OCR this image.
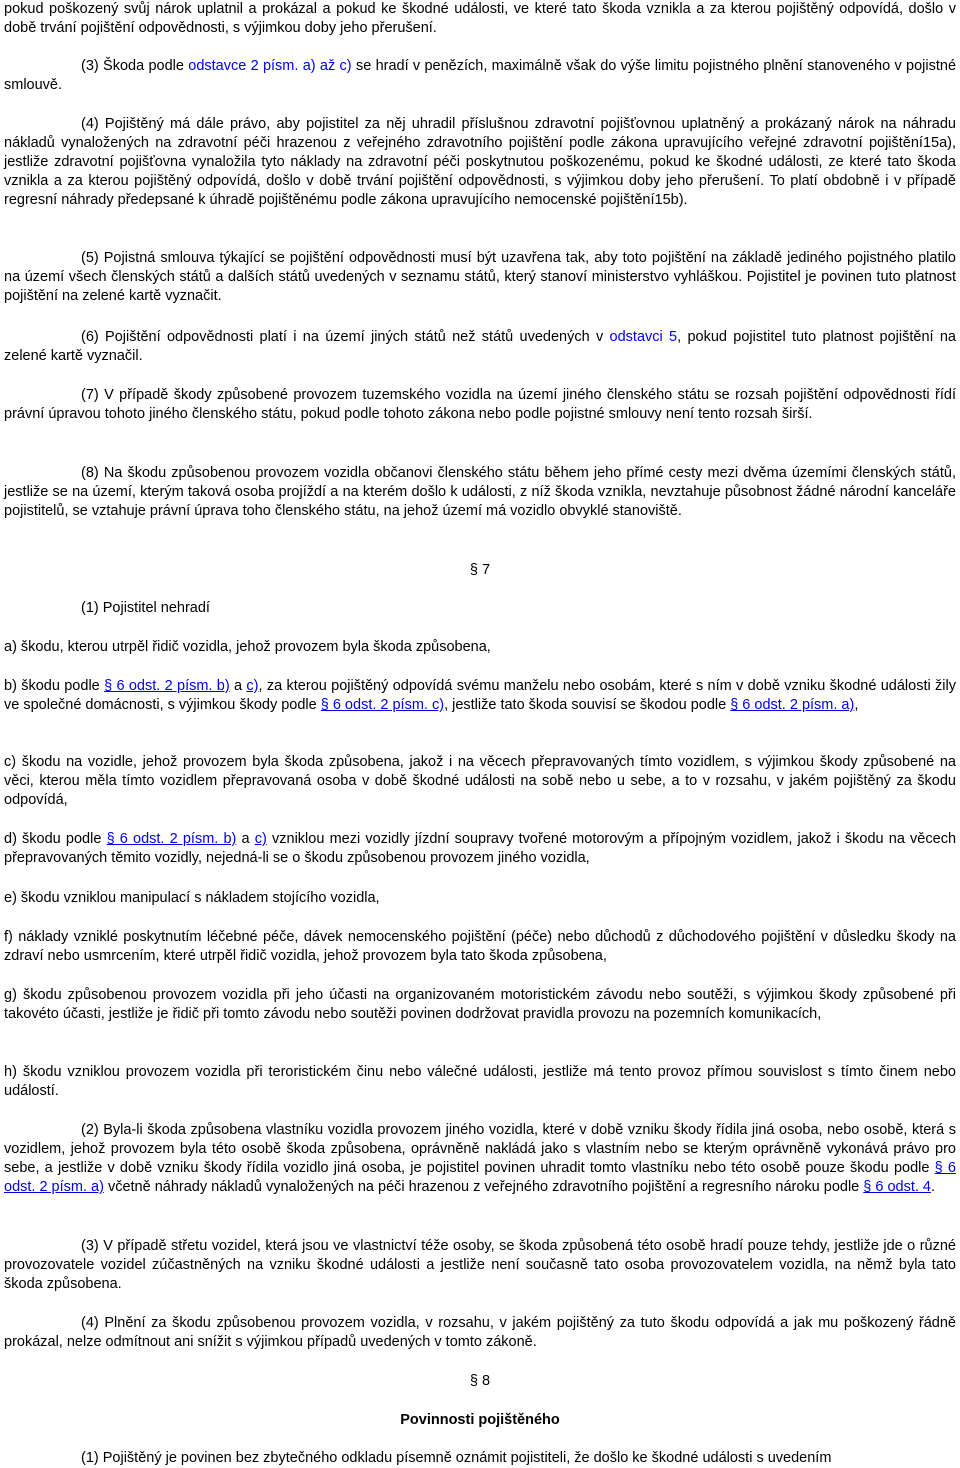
pokud poškozený svůj nárok uplatnil a prokázal a pokud ke škodné události, ve které tato škoda vznikla a za kterou pojištěný odpovídá, došlo v době trvání pojištění odpovědnosti, s výjimkou doby jeho přerušení.

(3) Škoda podle odstavce 2 písm. a) až c) se hradí v penězích, maximálně však do výše limitu pojistného plnění stanoveného v pojistné smlouvě.

(4) Pojištěný má dále právo, aby pojistitel za něj uhradil příslušnou zdravotní pojišťovnou uplatněný a prokázaný nárok na náhradu nákladů vynaložených na zdravotní péči hrazenou z veřejného zdravotního pojištění podle zákona upravujícího veřejné zdravotní pojištění15a), jestliže zdravotní pojišťovna vynaložila tyto náklady na zdravotní péči poskytnutou poškozenému, pokud ke škodné události, ze které tato škoda vznikla a za kterou pojištěný odpovídá, došlo v době trvání pojištění odpovědnosti, s výjimkou doby jeho přerušení. To platí obdobně i v případě regresní náhrady předepsané k úhradě pojištěnému podle zákona upravujícího nemocenské pojištění15b).

(5) Pojistná smlouva týkající se pojištění odpovědnosti musí být uzavřena tak, aby toto pojištění na základě jediného pojistného platilo na území všech členských států a dalších států uvedených v seznamu států, který stanoví ministerstvo vyhláškou. Pojistitel je povinen tuto platnost pojištění na zelené kartě vyznačit.

(6) Pojištění odpovědnosti platí i na území jiných států než států uvedených v odstavci 5, pokud pojistitel tuto platnost pojištění na zelené kartě vyznačil.

(7) V případě škody způsobené provozem tuzemského vozidla na území jiného členského státu se rozsah pojištění odpovědnosti řídí právní úpravou tohoto jiného členského státu, pokud podle tohoto zákona nebo podle pojistné smlouvy není tento rozsah širší.

(8) Na škodu způsobenou provozem vozidla občanovi členského státu během jeho přímé cesty mezi dvěma územími členských států, jestliže se na území, kterým taková osoba projíždí a na kterém došlo k události, z níž škoda vznikla, nevztahuje působnost žádné národní kanceláře pojistitelů, se vztahuje právní úprava toho členského státu, na jehož území má vozidlo obvyklé stanoviště.

§ 7

(1) Pojistitel nehradí

a) škodu, kterou utrpěl řidič vozidla, jehož provozem byla škoda způsobena,

b) škodu podle § 6 odst. 2 písm. b) a c), za kterou pojištěný odpovídá svému manželu nebo osobám, které s ním v době vzniku škodné události žily ve společné domácnosti, s výjimkou škody podle § 6 odst. 2 písm. c), jestliže tato škoda souvisí se škodou podle § 6 odst. 2 písm. a),

c) škodu na vozidle, jehož provozem byla škoda způsobena, jakož i na věcech přepravovaných tímto vozidlem, s výjimkou škody způsobené na věci, kterou měla tímto vozidlem přepravovaná osoba v době škodné události na sobě nebo u sebe, a to v rozsahu, v jakém pojištěný za škodu odpovídá,

d) škodu podle § 6 odst. 2 písm. b) a c) vzniklou mezi vozidly jízdní soupravy tvořené motorovým a přípojným vozidlem, jakož i škodu na věcech přepravovaných těmito vozidly, nejedná-li se o škodu způsobenou provozem jiného vozidla,

e) škodu vzniklou manipulací s nákladem stojícího vozidla,

f) náklady vzniklé poskytnutím léčebné péče, dávek nemocenského pojištění (péče) nebo důchodů z důchodového pojištění v důsledku škody na zdraví nebo usmrcením, které utrpěl řidič vozidla, jehož provozem byla tato škoda způsobena,

g) škodu způsobenou provozem vozidla při jeho účasti na organizovaném motoristickém závodu nebo soutěži, s výjimkou škody způsobené při takovéto účasti, jestliže je řidič při tomto závodu nebo soutěži povinen dodržovat pravidla provozu na pozemních komunikacích,

h) škodu vzniklou provozem vozidla při teroristickém činu nebo válečné události, jestliže má tento provoz přímou souvislost s tímto činem nebo událostí.

(2) Byla-li škoda způsobena vlastníku vozidla provozem jiného vozidla, které v době vzniku škody řídila jiná osoba, nebo osobě, která s vozidlem, jehož provozem byla této osobě škoda způsobena, oprávněně nakládá jako s vlastním nebo se kterým oprávněně vykonává právo pro sebe, a jestliže v době vzniku škody řídila vozidlo jiná osoba, je pojistitel povinen uhradit tomto vlastníku nebo této osobě pouze škodu podle § 6 odst. 2 písm. a) včetně náhrady nákladů vynaložených na péči hrazenou z veřejného zdravotního pojištění a regresního nároku podle § 6 odst. 4.

(3) V případě střetu vozidel, která jsou ve vlastnictví téže osoby, se škoda způsobená této osobě hradí pouze tehdy, jestliže jde o různé provozovatele vozidel zúčastněných na vzniku škodné události a jestliže není současně tato osoba provozovatelem vozidla, na němž byla tato škoda způsobena.

(4) Plnění za škodu způsobenou provozem vozidla, v rozsahu, v jakém pojištěný za tuto škodu odpovídá a jak mu poškozený řádně prokázal, nelze odmítnout ani snížit s výjimkou případů uvedených v tomto zákoně.

§ 8

Povinnosti pojištěného

(1) Pojištěný je povinen bez zbytečného odkladu písemně oznámit pojistiteli, že došlo ke škodné události s uvedením
